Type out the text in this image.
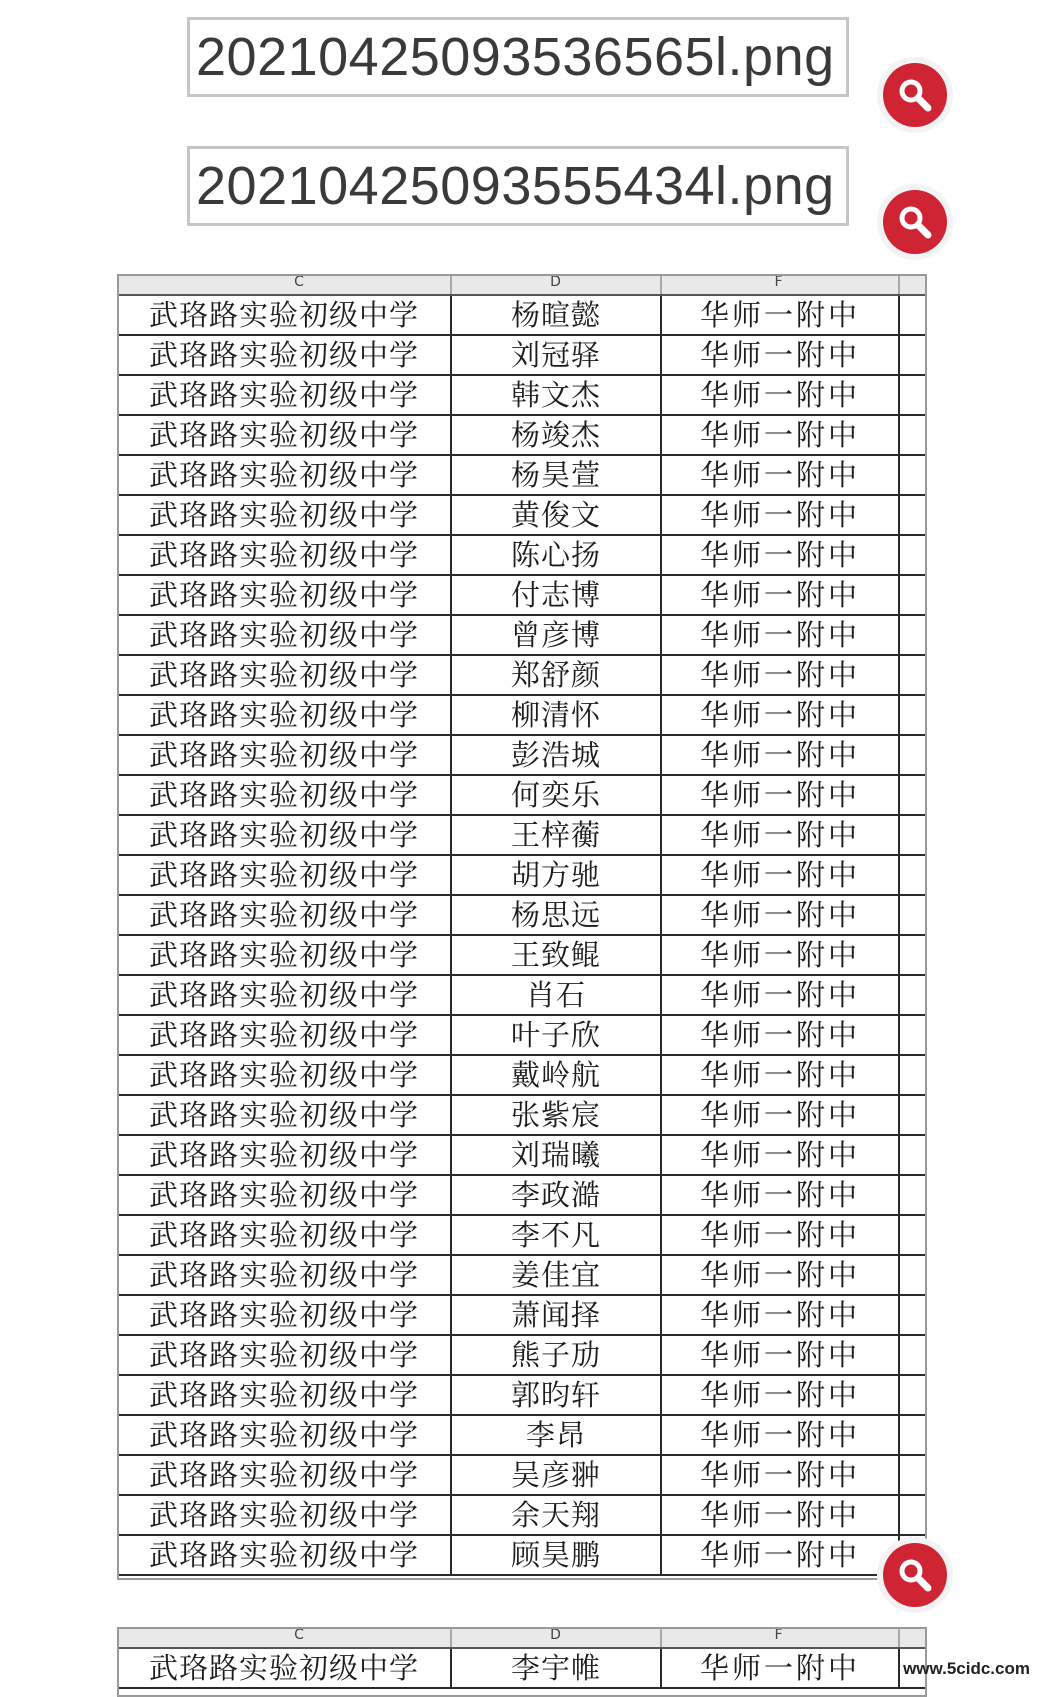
20210425093536565l.png
20210425093555434l.png
C	D	F
武珞路实验初级中学	杨暄懿	华师一附中
武珞路实验初级中学	刘冠驿	华师一附中
武珞路实验初级中学	韩文杰	华师一附中
武珞路实验初级中学	杨竣杰	华师一附中
武珞路实验初级中学	杨昊萱	华师一附中
武珞路实验初级中学	黄俊文	华师一附中
武珞路实验初级中学	陈心扬	华师一附中
武珞路实验初级中学	付志博	华师一附中
武珞路实验初级中学	曾彦博	华师一附中
武珞路实验初级中学	郑舒颜	华师一附中
武珞路实验初级中学	柳清怀	华师一附中
武珞路实验初级中学	彭浩城	华师一附中
武珞路实验初级中学	何奕乐	华师一附中
武珞路实验初级中学	王梓蘅	华师一附中
武珞路实验初级中学	胡方驰	华师一附中
武珞路实验初级中学	杨思远	华师一附中
武珞路实验初级中学	王致鲲	华师一附中
武珞路实验初级中学	肖石	华师一附中
武珞路实验初级中学	叶子欣	华师一附中
武珞路实验初级中学	戴岭航	华师一附中
武珞路实验初级中学	张紫宸	华师一附中
武珞路实验初级中学	刘瑞曦	华师一附中
武珞路实验初级中学	李政澔	华师一附中
武珞路实验初级中学	李不凡	华师一附中
武珞路实验初级中学	姜佳宜	华师一附中
武珞路实验初级中学	萧闻择	华师一附中
武珞路实验初级中学	熊子劢	华师一附中
武珞路实验初级中学	郭昀轩	华师一附中
武珞路实验初级中学	李昂	华师一附中
武珞路实验初级中学	吴彦翀	华师一附中
武珞路实验初级中学	余天翔	华师一附中
武珞路实验初级中学	顾昊鹏	华师一附中
C	D	F
武珞路实验初级中学	李宇帷	华师一附中	www.5cidc.com
